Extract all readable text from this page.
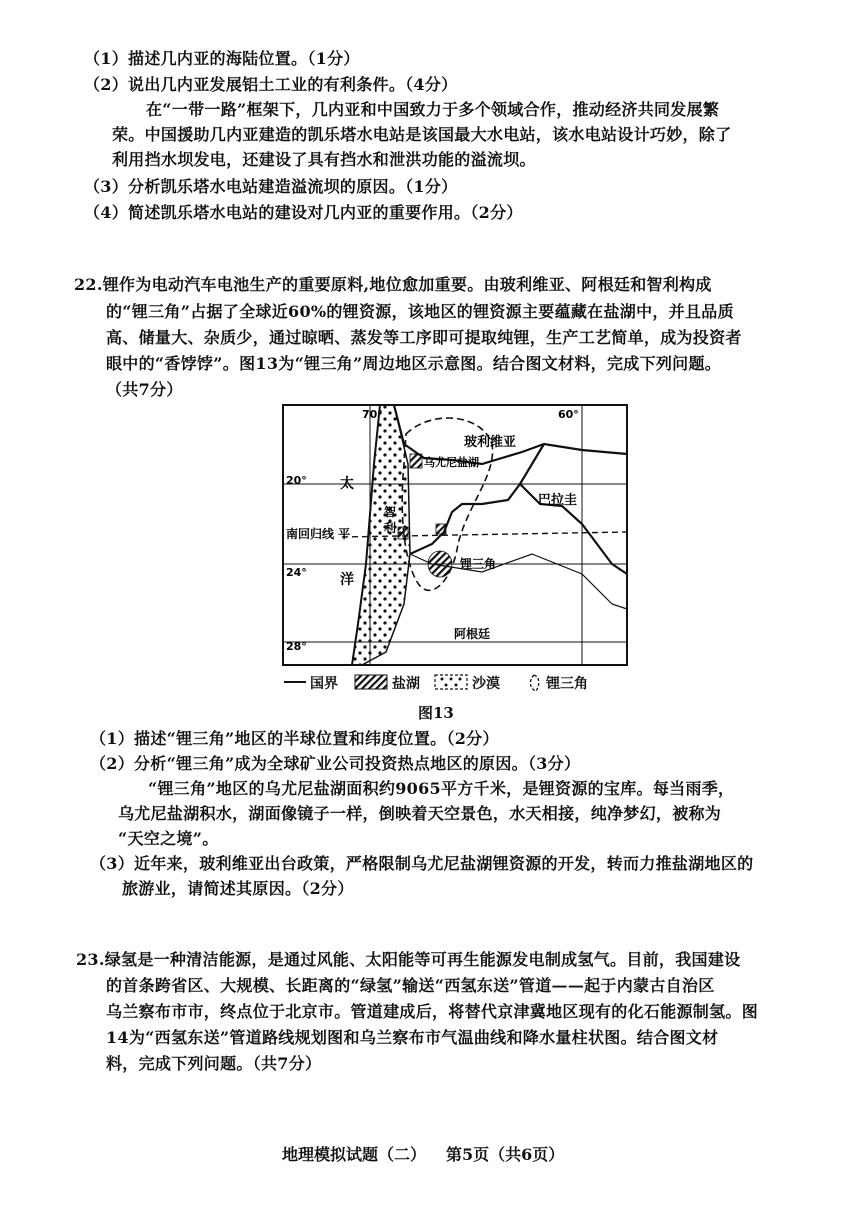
（1）描述几内亚的海陆位置。（1分）
（2）说出几内亚发展铝土工业的有利条件。（4分）
在“一带一路”框架下，几内亚和中国致力于多个领域合作，推动经济共同发展繁
荣。中国援助几内亚建造的凯乐塔水电站是该国最大水电站，该水电站设计巧妙，除了
利用挡水坝发电，还建设了具有挡水和泄洪功能的溢流坝。
（3）分析凯乐塔水电站建造溢流坝的原因。（1分）
（4）简述凯乐塔水电站的建设对几内亚的重要作用。（2分）
22.锂作为电动汽车电池生产的重要原料,地位愈加重要。由玻利维亚、阿根廷和智利构成
的“锂三角”占据了全球近60%的锂资源，该地区的锂资源主要蕴藏在盐湖中，并且品质
高、储量大、杂质少，通过晾晒、蒸发等工序即可提取纯锂，生产工艺简单，成为投资者
眼中的“香饽饽”。图13为“锂三角”周边地区示意图。结合图文材料，完成下列问题。
（共7分）
70°	60°
20°
24°
28°
太
洋
南回归线 平
玻利维亚
巴拉圭
阿根廷
智
利
乌尤尼盐湖
锂三角
国界	盐湖	沙漠	锂三角
图13
（1）描述“锂三角”地区的半球位置和纬度位置。（2分）
（2）分析“锂三角”成为全球矿业公司投资热点地区的原因。（3分）
“锂三角”地区的乌尤尼盐湖面积约9065平方千米，是锂资源的宝库。每当雨季，
乌尤尼盐湖积水，湖面像镜子一样，倒映着天空景色，水天相接，纯净梦幻，被称为
“天空之境”。
（3）近年来，玻利维亚出台政策，严格限制乌尤尼盐湖锂资源的开发，转而力推盐湖地区的
旅游业，请简述其原因。（2分）
23.绿氢是一种清洁能源，是通过风能、太阳能等可再生能源发电制成氢气。目前，我国建设
的首条跨省区、大规模、长距离的“绿氢”输送“西氢东送”管道——起于内蒙古自治区
乌兰察布市市，终点位于北京市。管道建成后，将替代京津冀地区现有的化石能源制氢。图
14为“西氢东送”管道路线规划图和乌兰察布市气温曲线和降水量柱状图。结合图文材
料，完成下列问题。（共7分）
地理模拟试题（二） 第5页（共6页）
